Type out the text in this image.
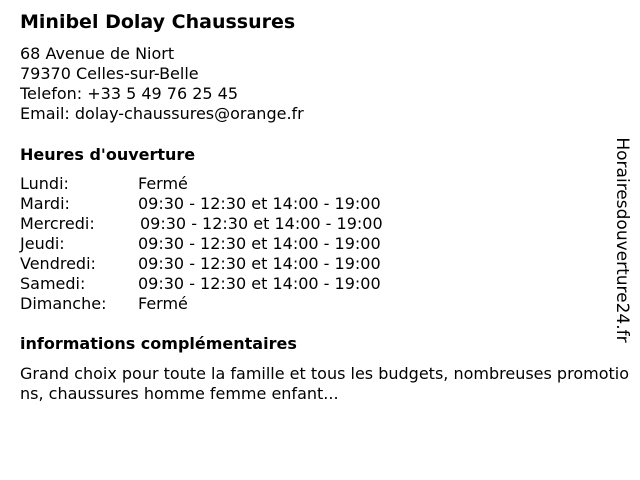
Minibel Dolay Chaussures
68 Avenue de Niort
79370 Celles-sur-Belle
Telefon: +33 5 49 76 25 45
Email: dolay-chaussures@orange.fr
Heures d'ouverture
Lundi:	Fermé
Mardi:	09:30 - 12:30 et 14:00 - 19:00
Mercredi:	09:30 - 12:30 et 14:00 - 19:00
Jeudi:	09:30 - 12:30 et 14:00 - 19:00
Vendredi:	09:30 - 12:30 et 14:00 - 19:00
Samedi:	09:30 - 12:30 et 14:00 - 19:00
Dimanche: Fermé
informations complémentaires
Grand choix pour toute la famille et tous les budgets, nombreuses promotions, chaussures homme femme enfant...
Horairesdouverture24.fr
